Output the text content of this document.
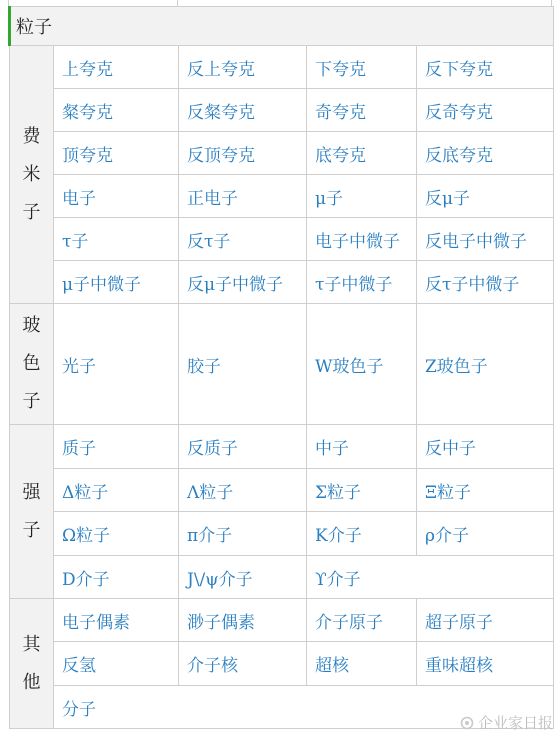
粒子				

费
米
子	上夸克	反上夸克	下夸克	反下夸克
	粲夸克	反粲夸克	奇夸克	反奇夸克
	顶夸克	反顶夸克	底夸克	反底夸克
	电子	正电子	μ子	反μ子
	τ子	反τ子	电子中微子	反电子中微子
	μ子中微子	反μ子中微子	τ子中微子	反τ子中微子

玻
色
子	光子	胶子	W玻色子	Z玻色子

强
子	质子	反质子	中子	反中子
	Δ粒子	Λ粒子	Σ粒子	Ξ粒子
	Ω粒子	π介子	K介子	ρ介子
	D介子	J\/ψ介子	ϒ介子	

其
他	电子偶素	渺子偶素	介子原子	超子原子
	反氢	介子核	超核	重味超核
	分子			
企业家日报
